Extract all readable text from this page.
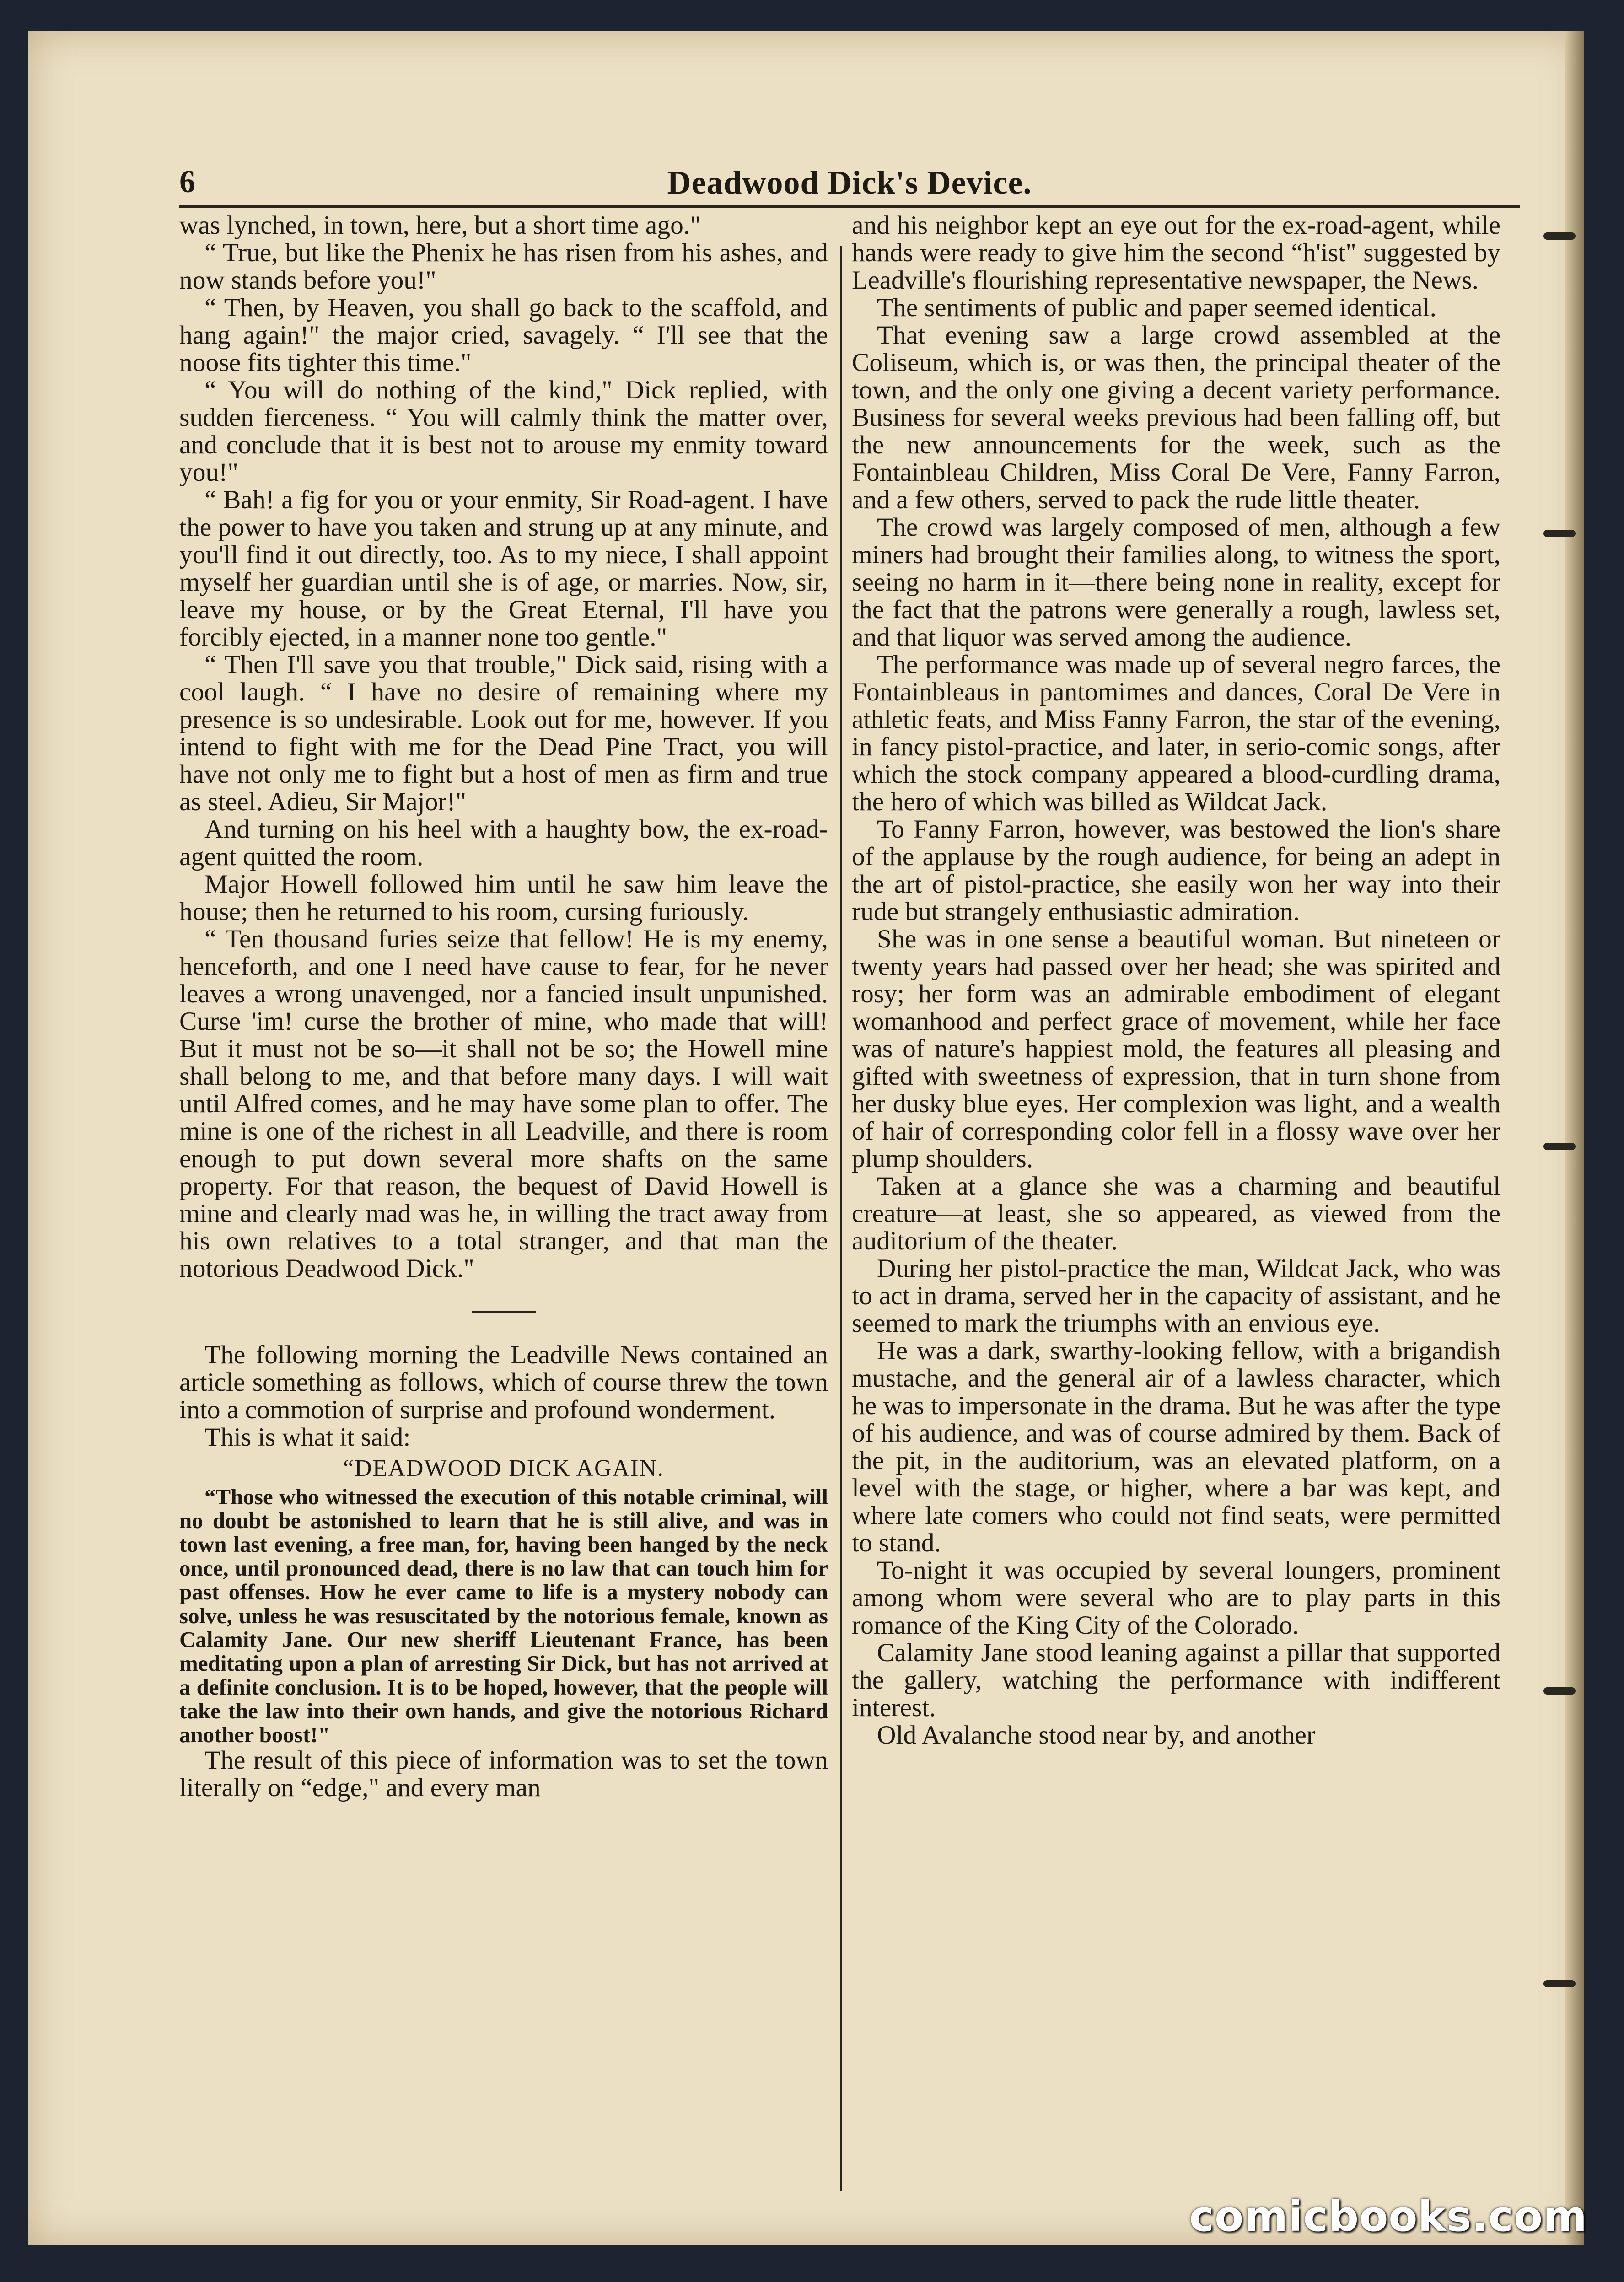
6	Deadwood Dick's Device.

was lynched, in town, here, but a short time ago."

“ True, but like the Phenix he has risen from his ashes, and now stands before you!"

“ Then, by Heaven, you shall go back to the scaffold, and hang again!" the major cried, savagely. “ I'll see that the noose fits tighter this time."

“ You will do nothing of the kind," Dick replied, with sudden fierceness. “ You will calmly think the matter over, and conclude that it is best not to arouse my enmity toward you!"

“ Bah! a fig for you or your enmity, Sir Road-agent. I have the power to have you taken and strung up at any minute, and you'll find it out directly, too. As to my niece, I shall appoint myself her guardian until she is of age, or marries. Now, sir, leave my house, or by the Great Eternal, I'll have you forcibly ejected, in a manner none too gentle."

“ Then I'll save you that trouble," Dick said, rising with a cool laugh. “ I have no desire of remaining where my presence is so undesirable. Look out for me, however. If you intend to fight with me for the Dead Pine Tract, you will have not only me to fight but a host of men as firm and true as steel. Adieu, Sir Major!"

And turning on his heel with a haughty bow, the ex-road-agent quitted the room.

Major Howell followed him until he saw him leave the house; then he returned to his room, cursing furiously.

“ Ten thousand furies seize that fellow! He is my enemy, henceforth, and one I need have cause to fear, for he never leaves a wrong unavenged, nor a fancied insult unpunished. Curse 'im! curse the brother of mine, who made that will! But it must not be so—it shall not be so; the Howell mine shall belong to me, and that before many days. I will wait until Alfred comes, and he may have some plan to offer. The mine is one of the richest in all Leadville, and there is room enough to put down several more shafts on the same property. For that reason, the bequest of David Howell is mine and clearly mad was he, in willing the tract away from his own relatives to a total stranger, and that man the notorious Deadwood Dick."

The following morning the Leadville News contained an article something as follows, which of course threw the town into a commotion of surprise and profound wonderment.

This is what it said:

“DEADWOOD DICK AGAIN.

“Those who witnessed the execution of this notable criminal, will no doubt be astonished to learn that he is still alive, and was in town last evening, a free man, for, having been hanged by the neck once, until pronounced dead, there is no law that can touch him for past offenses. How he ever came to life is a mystery nobody can solve, unless he was resuscitated by the notorious female, known as Calamity Jane. Our new sheriff Lieutenant France, has been meditating upon a plan of arresting Sir Dick, but has not arrived at a definite conclusion. It is to be hoped, however, that the people will take the law into their own hands, and give the notorious Richard another boost!"

The result of this piece of information was to set the town literally on “edge," and every man

and his neighbor kept an eye out for the ex-road-agent, while hands were ready to give him the second “h'ist" suggested by Leadville's flourishing representative newspaper, the News.

The sentiments of public and paper seemed identical.

That evening saw a large crowd assembled at the Coliseum, which is, or was then, the principal theater of the town, and the only one giving a decent variety performance. Business for several weeks previous had been falling off, but the new announcements for the week, such as the Fontainbleau Children, Miss Coral De Vere, Fanny Farron, and a few others, served to pack the rude little theater.

The crowd was largely composed of men, although a few miners had brought their families along, to witness the sport, seeing no harm in it—there being none in reality, except for the fact that the patrons were generally a rough, lawless set, and that liquor was served among the audience.

The performance was made up of several negro farces, the Fontainbleaus in pantomimes and dances, Coral De Vere in athletic feats, and Miss Fanny Farron, the star of the evening, in fancy pistol-practice, and later, in serio-comic songs, after which the stock company appeared a blood-curdling drama, the hero of which was billed as Wildcat Jack.

To Fanny Farron, however, was bestowed the lion's share of the applause by the rough audience, for being an adept in the art of pistol-practice, she easily won her way into their rude but strangely enthusiastic admiration.

She was in one sense a beautiful woman. But nineteen or twenty years had passed over her head; she was spirited and rosy; her form was an admirable embodiment of elegant womanhood and perfect grace of movement, while her face was of nature's happiest mold, the features all pleasing and gifted with sweetness of expression, that in turn shone from her dusky blue eyes. Her complexion was light, and a wealth of hair of corresponding color fell in a flossy wave over her plump shoulders.

Taken at a glance she was a charming and beautiful creature—at least, she so appeared, as viewed from the auditorium of the theater.

During her pistol-practice the man, Wildcat Jack, who was to act in drama, served her in the capacity of assistant, and he seemed to mark the triumphs with an envious eye.

He was a dark, swarthy-looking fellow, with a brigandish mustache, and the general air of a lawless character, which he was to impersonate in the drama. But he was after the type of his audience, and was of course admired by them. Back of the pit, in the auditorium, was an elevated platform, on a level with the stage, or higher, where a bar was kept, and where late comers who could not find seats, were permitted to stand.

To-night it was occupied by several loungers, prominent among whom were several who are to play parts in this romance of the King City of the Colorado.

Calamity Jane stood leaning against a pillar that supported the gallery, watching the performance with indifferent interest.

Old Avalanche stood near by, and another

comicbooks.com
